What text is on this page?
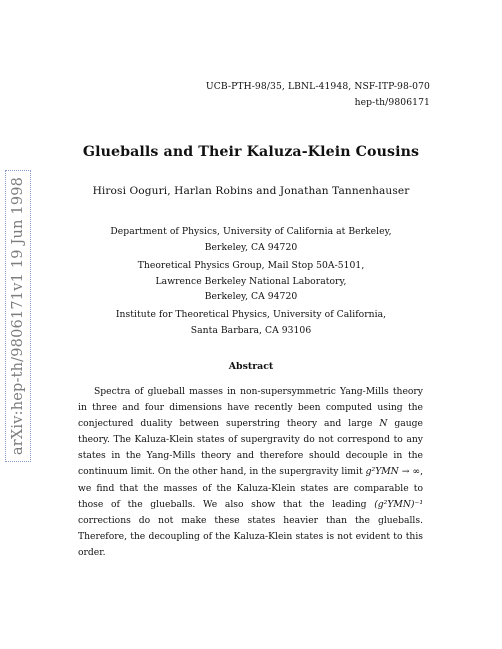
UCB-PTH-98/35, LBNL-41948, NSF-ITP-98-070
hep-th/9806171
Glueballs and Their Kaluza-Klein Cousins
Hirosi Ooguri, Harlan Robins and Jonathan Tannenhauser
Department of Physics, University of California at Berkeley,
Berkeley, CA 94720
Theoretical Physics Group, Mail Stop 50A-5101,
Lawrence Berkeley National Laboratory,
Berkeley, CA 94720
Institute for Theoretical Physics, University of California,
Santa Barbara, CA 93106
Abstract
Spectra of glueball masses in non-supersymmetric Yang-Mills theory in three and four dimensions have recently been computed using the conjectured duality between superstring theory and large N gauge theory. The Kaluza-Klein states of supergravity do not correspond to any states in the Yang-Mills theory and therefore should decouple in the continuum limit. On the other hand, in the supergravity limit g²YMN → ∞, we find that the masses of the Kaluza-Klein states are comparable to those of the glueballs. We also show that the leading (g²YMN)⁻¹ corrections do not make these states heavier than the glueballs. Therefore, the decoupling of the Kaluza-Klein states is not evident to this order.
arXiv:hep-th/9806171v1 19 Jun 1998
